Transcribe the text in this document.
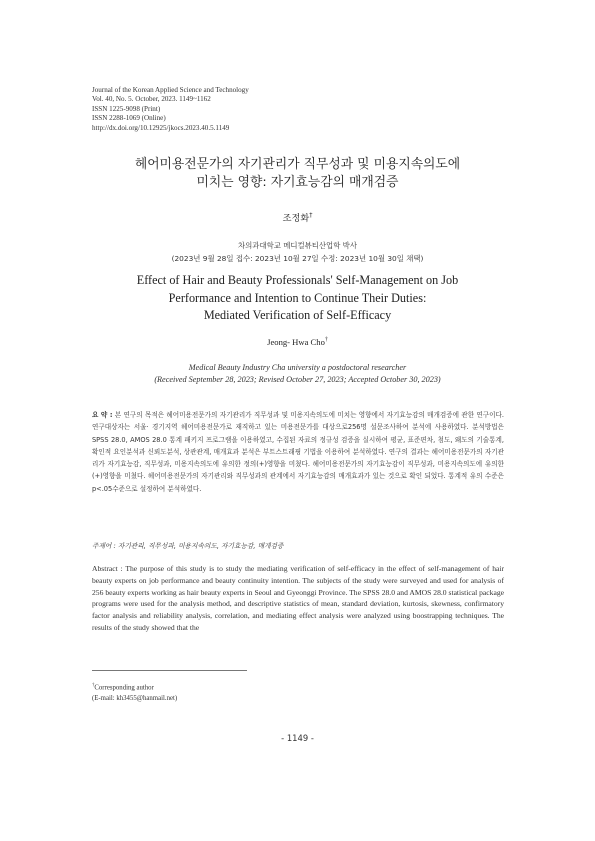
Journal of the Korean Applied Science and Technology
Vol. 40, No. 5. October, 2023. 1149~1162
ISSN 1225-9098 (Print)
ISSN 2288-1069 (Online)
http://dx.doi.org/10.12925/jkocs.2023.40.5.1149
헤어미용전문가의 자기관리가 직무성과 및 미용지속의도에
미치는 영향: 자기효능감의 매개검증
조정화†
차의과대학교 메디컬뷰티산업학 박사
(2023년 9월 28일 접수: 2023년 10월 27일 수정: 2023년 10월 30일 채택)
Effect of Hair and Beauty Professionals' Self-Management on Job
Performance and Intention to Continue Their Duties:
Mediated Verification of Self-Efficacy
Jeong- Hwa Cho†
Medical Beauty Industry Cha university a postdoctoral researcher
(Received September 28, 2023; Revised October 27, 2023; Accepted October 30, 2023)
요 약 : 본 연구의 목적은 헤어미용전문가의 자기관리가 직무성과 및 미용지속의도에 미치는 영향에서 자기효능감의 매개검증에 관한 연구이다. 연구대상자는 서울· 경기지역 헤어미용전문가로 재직하고 있는 미용전문가를 대상으로256명 설문조사하여 분석에 사용하였다. 분석방법은SPSS 28.0, AMOS 28.0 통계 패키지 프로그램을 이용하였고, 수집된 자료의 정규성 검증을 실시하여 평균, 표준편차, 첨도, 왜도의 기술통계, 확인적 요인분석과 신뢰도분석, 상관관계, 매개효과 분석은 부트스트래핑 기법을 이용하여 분석하였다. 연구의 결과는 헤어미용전문가의 자기관리가 자기효능감, 직무성과, 미용지속의도에 유의한 정의(+)영향을 미쳤다. 헤어미용전문가의 자기효능감이 직무성과, 미용지속의도에 유의한 (+)영향을 미쳤다. 헤어미용전문가의 자기관리와 직무성과의 관계에서 자기효능감의 매개효과가 있는 것으로 확인 되었다. 통계적 유의 수준은 p<.05수준으로 설정하여 분석하였다.
주제어 : 자기관리, 직무성과, 미용지속의도, 자기효능감, 매개검증
Abstract : The purpose of this study is to study the mediating verification of self-efficacy in the effect of self-management of hair beauty experts on job performance and beauty continuity intention. The subjects of the study were surveyed and used for analysis of 256 beauty experts working as hair beauty experts in Seoul and Gyeonggi Province. The SPSS 28.0 and AMOS 28.0 statistical package programs were used for the analysis method, and descriptive statistics of mean, standard deviation, kurtosis, skewness, confirmatory factor analysis and reliability analysis, correlation, and mediating effect analysis were analyzed using boostrapping techniques. The results of the study showed that the
†Corresponding author
(E-mail: kh3455@hanmail.net)
- 1149 -
